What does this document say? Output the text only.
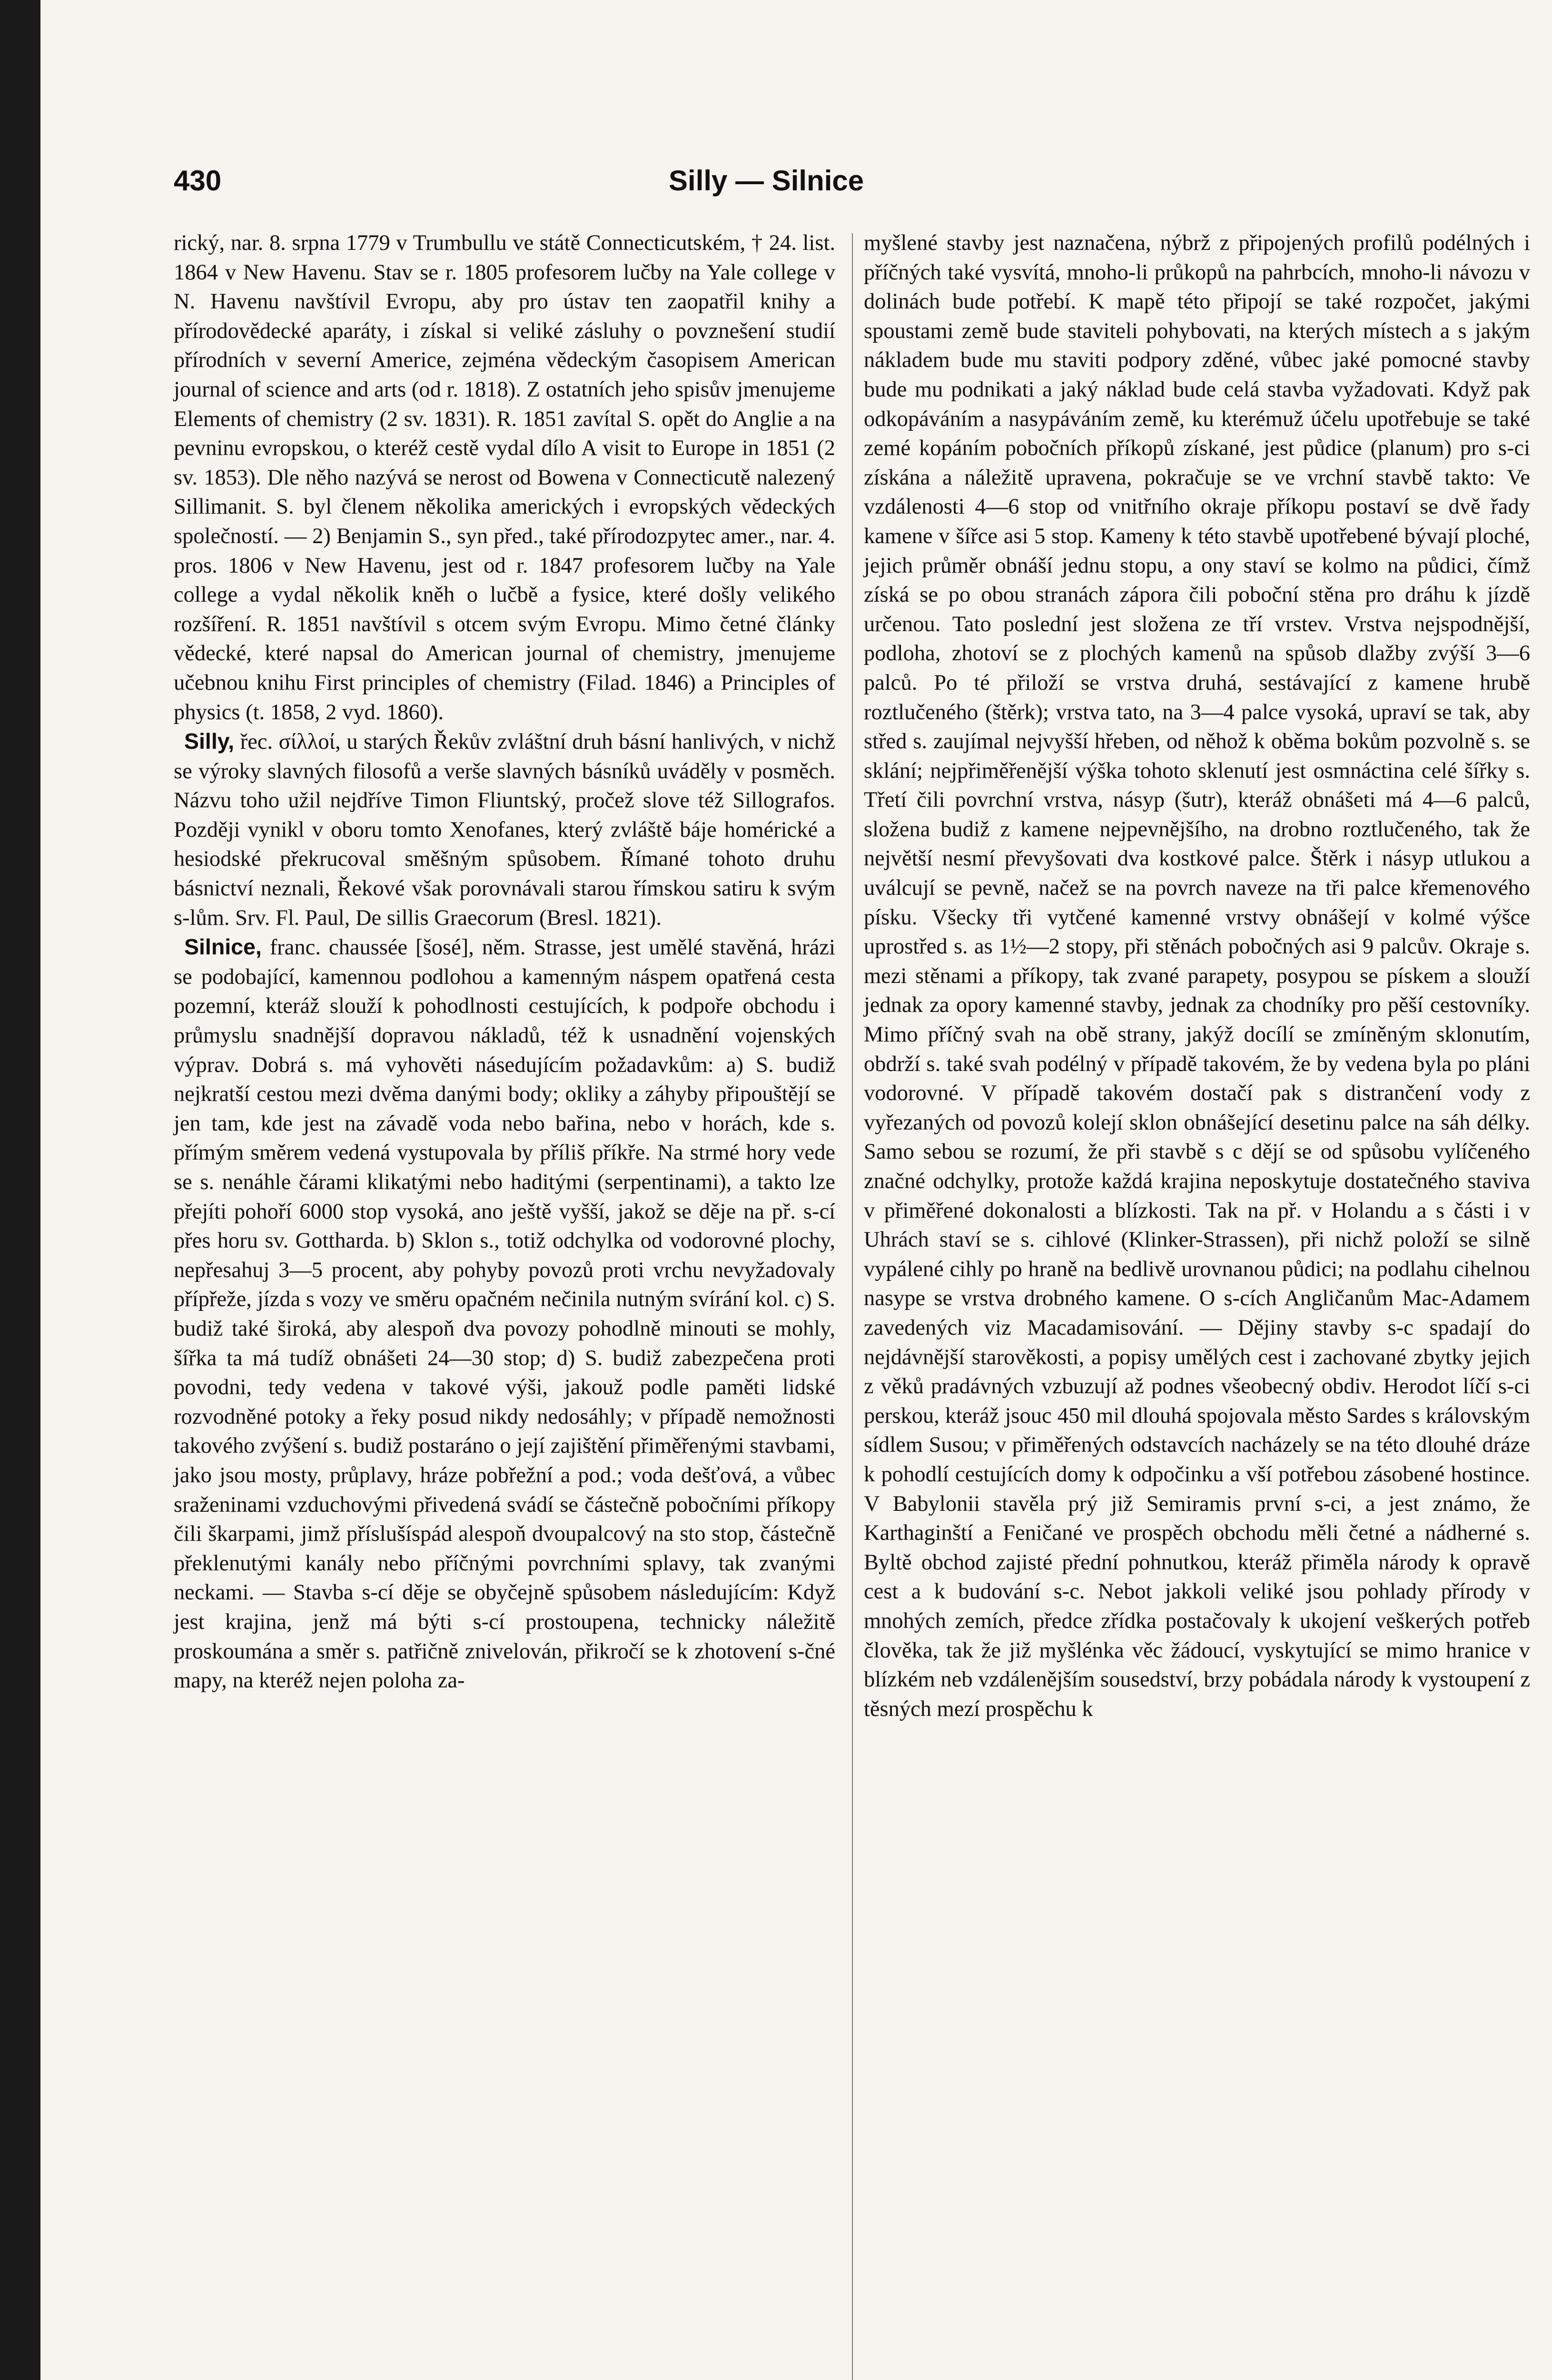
430	Silly — Silnice

rický, nar. 8. srpna 1779 v Trumbullu ve státě Connecticutském, † 24. list. 1864 v New Havenu. Stav se r. 1805 profesorem lučby na Yale college v N. Havenu navštívil Evropu, aby pro ústav ten zaopatřil knihy a přírodovědecké aparáty, i získal si veliké zásluhy o povznešení studií přírodních v severní Americe, zejména vědeckým časopisem American journal of science and arts (od r. 1818). Z ostatních jeho spisův jmenujeme Elements of chemistry (2 sv. 1831). R. 1851 zavítal S. opět do Anglie a na pevninu evropskou, o kteréž cestě vydal dílo A visit to Europe in 1851 (2 sv. 1853). Dle něho nazývá se nerost od Bowena v Connecticutě nalezený Sillimanit. S. byl členem několika amerických i evropských vědeckých společností. — 2) Benjamin S., syn před., také přírodozpytec amer., nar. 4. pros. 1806 v New Havenu, jest od r. 1847 profesorem lučby na Yale college a vydal několik kněh o lučbě a fysice, které došly velikého rozšíření. R. 1851 navštívil s otcem svým Evropu. Mimo četné články vědecké, které napsal do American journal of chemistry, jmenujeme učebnou knihu First principles of chemistry (Filad. 1846) a Principles of physics (t. 1858, 2 vyd. 1860).

Silly, řec. σίλλοί, u starých Řekův zvláštní druh básní hanlivých, v nichž se výroky slavných filosofů a verše slavných básníků uváděly v posměch. Názvu toho užil nejdříve Timon Fliuntský, pročež slove též Sillografos. Později vynikl v oboru tomto Xenofanes, který zvláště báje homérické a hesiodské překrucoval směšným spůsobem. Římané tohoto druhu básnictví neznali, Řekové však porovnávali starou římskou satiru k svým s-lům. Srv. Fl. Paul, De sillis Graecorum (Bresl. 1821).

Silnice, franc. chaussée [šosé], něm. Strasse, jest umělé stavěná, hrázi se podobající, kamennou podlohou a kamenným náspem opatřená cesta pozemní, kteráž slouží k pohodlnosti cestujících, k podpoře obchodu i průmyslu snadnější dopravou nákladů, též k usnadnění vojenských výprav. Dobrá s. má vyhověti násedujícím požadavkům: a) S. budiž nejkratší cestou mezi dvěma danými body; okliky a záhyby připouštějí se jen tam, kde jest na závadě voda nebo bařina, nebo v horách, kde s. přímým směrem vedená vystupovala by příliš příkře. Na strmé hory vede se s. nenáhle čárami klikatými nebo haditými (serpentinami), a takto lze přejíti pohoří 6000 stop vysoká, ano ještě vyšší, jakož se děje na př. s-cí přes horu sv. Gottharda. b) Sklon s., totiž odchylka od vodorovné plochy, nepřesahuj 3—5 procent, aby pohyby povozů proti vrchu nevyžadovaly přípřeže, jízda s vozy ve směru opačném nečinila nutným svírání kol. c) S. budiž také široká, aby alespoň dva povozy pohodlně minouti se mohly, šířka ta má tudíž obnášeti 24—30 stop; d) S. budiž zabezpečena proti povodni, tedy vedena v takové výši, jakouž podle paměti lidské rozvodněné potoky a řeky posud nikdy nedosáhly; v případě nemožnosti takového zvýšení s. budiž postaráno o její zajištění přiměřenými stavbami, jako jsou mosty, průplavy, hráze pobřežní a pod.; voda dešťová, a vůbec sraženinami vzduchovými přivedená svádí se částečně pobočními příkopy čili škarpami, jimž příslušíspád alespoň dvoupalcový na sto stop, částečně překlenutými kanály nebo příčnými povrchními splavy, tak zvanými neckami. — Stavba s-cí děje se obyčejně spůsobem následujícím: Když jest krajina, jenž má býti s-cí prostoupena, technicky náležitě proskoumána a směr s. patřičně znivelován, přikročí se k zhotovení s-čné mapy, na kteréž nejen poloha za-

myšlené stavby jest naznačena, nýbrž z připojených profilů podélných i příčných také vysvítá, mnoho-li průkopů na pahrbcích, mnoho-li návozu v dolinách bude potřebí. K mapě této připojí se také rozpočet, jakými spoustami země bude staviteli pohybovati, na kterých místech a s jakým nákladem bude mu staviti podpory zděné, vůbec jaké pomocné stavby bude mu podnikati a jaký náklad bude celá stavba vyžadovati. Když pak odkopáváním a nasypáváním země, ku kterémuž účelu upotřebuje se také zemé kopáním pobočních příkopů získané, jest půdice (planum) pro s-ci získána a náležitě upravena, pokračuje se ve vrchní stavbě takto: Ve vzdálenosti 4—6 stop od vnitřního okraje příkopu postaví se dvě řady kamene v šířce asi 5 stop. Kameny k této stavbě upotřebené bývají ploché, jejich průměr obnáší jednu stopu, a ony staví se kolmo na půdici, čímž získá se po obou stranách zápora čili poboční stěna pro dráhu k jízdě určenou. Tato poslední jest složena ze tří vrstev. Vrstva nejspodnější, podloha, zhotoví se z plochých kamenů na spůsob dlažby zvýší 3—6 palců. Po té přiloží se vrstva druhá, sestávající z kamene hrubě roztlučeného (štěrk); vrstva tato, na 3—4 palce vysoká, upraví se tak, aby střed s. zaujímal nejvyšší hřeben, od něhož k oběma bokům pozvolně s. se sklání; nejpřiměřenější výška tohoto sklenutí jest osmnáctina celé šířky s. Třetí čili povrchní vrstva, násyp (šutr), kteráž obnášeti má 4—6 palců, složena budiž z kamene nejpevnějšího, na drobno roztlučeného, tak že největší nesmí převyšovati dva kostkové palce. Štěrk i násyp utlukou a uválcují se pevně, načež se na povrch naveze na tři palce křemenového písku. Všecky tři vytčené kamenné vrstvy obnášejí v kolmé výšce uprostřed s. as 1½—2 stopy, při stěnách pobočných asi 9 palcův. Okraje s. mezi stěnami a příkopy, tak zvané parapety, posypou se pískem a slouží jednak za opory kamenné stavby, jednak za chodníky pro pěší cestovníky. Mimo příčný svah na obě strany, jakýž docílí se zmíněným sklonutím, obdrží s. také svah podélný v případě takovém, že by vedena byla po pláni vodorovné. V případě takovém dostačí pak s distrančení vody z vyřezaných od povozů kolejí sklon obnášející desetinu palce na sáh délky. Samo sebou se rozumí, že při stavbě s c dějí se od spůsobu vylíčeného značné odchylky, protože každá krajina neposkytuje dostatečného staviva v přiměřené dokonalosti a blízkosti. Tak na př. v Holandu a s části i v Uhrách staví se s. cihlové (Klinker-Strassen), při nichž položí se silně vypálené cihly po hraně na bedlivě urovnanou půdici; na podlahu cihelnou nasype se vrstva drobného kamene. O s-cích Angličanům Mac-Adamem zavedených viz Macadamisování. — Dějiny stavby s-c spadají do nejdávnější starověkosti, a popisy umělých cest i zachované zbytky jejich z věků pradávných vzbuzují až podnes všeobecný obdiv. Herodot líčí s-ci perskou, kteráž jsouc 450 mil dlouhá spojovala město Sardes s královským sídlem Susou; v přiměřených odstavcích nacházely se na této dlouhé dráze k pohodlí cestujících domy k odpočinku a vší potřebou zásobené hostince. V Babylonii stavěla prý již Semiramis první s-ci, a jest známo, že Karthaginští a Feničané ve prospěch obchodu měli četné a nádherné s. Byltě obchod zajisté přední pohnutkou, kteráž přiměla národy k opravě cest a k budování s-c. Nebot jakkoli veliké jsou pohlady přírody v mnohých zemích, předce zřídka postačovaly k ukojení veškerých potřeb člověka, tak že již myšlénka věc žádoucí, vyskytující se mimo hranice v blízkém neb vzdálenějším sousedství, brzy pobádala národy k vystoupení z těsných mezí prospěchu k
